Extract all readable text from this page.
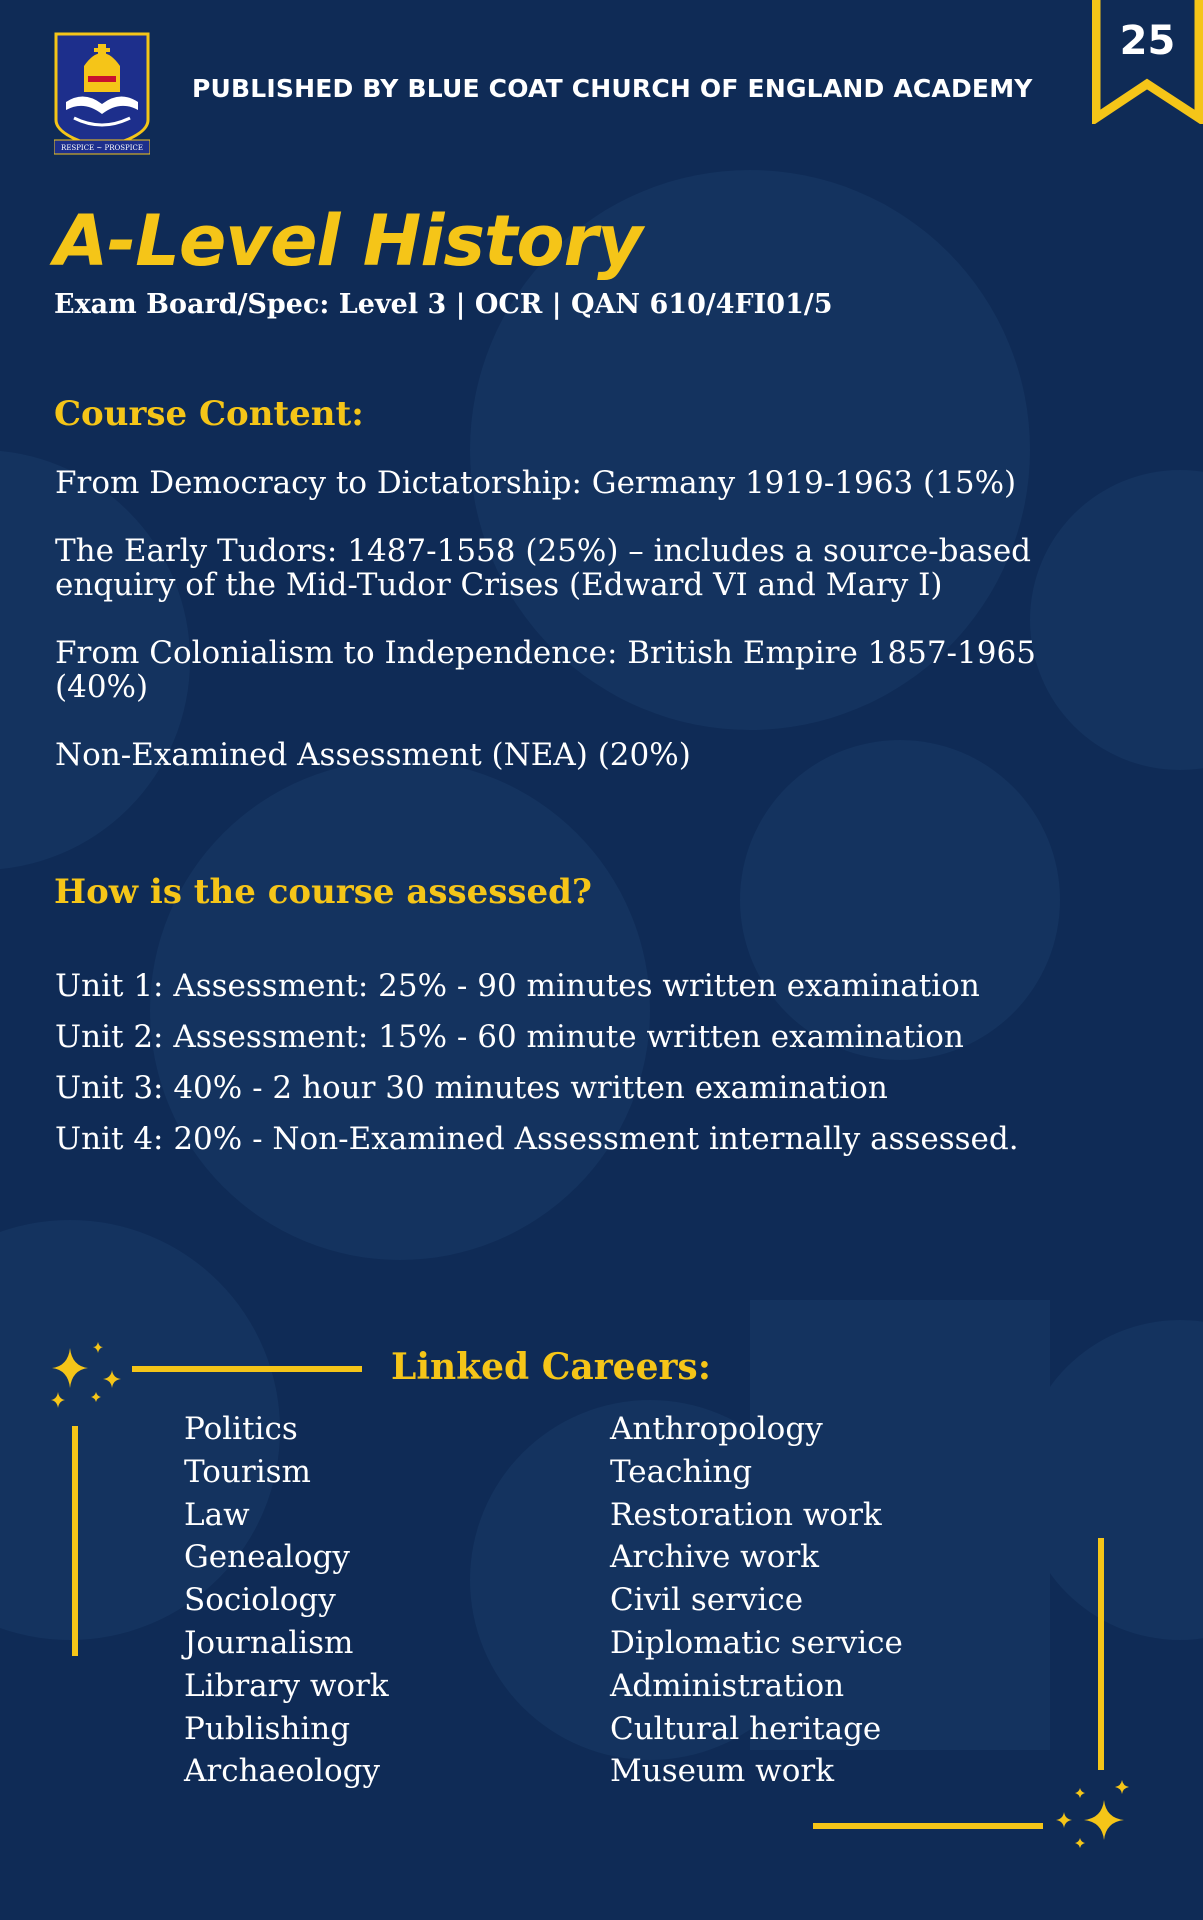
RESPICE ~ PROSPICE
PUBLISHED BY BLUE COAT CHURCH OF ENGLAND ACADEMY
25
A-Level History
Exam Board/Spec: Level 3 | OCR | QAN 610/4FI01/5
Course Content:
From Democracy to Dictatorship: Germany 1919-1963 (15%)
The Early Tudors: 1487-1558 (25%) – includes a source-based enquiry of the Mid-Tudor Crises (Edward VI and Mary I)
From Colonialism to Independence: British Empire 1857-1965 (40%)
Non-Examined Assessment (NEA) (20%)
How is the course assessed?
Unit 1: Assessment: 25% - 90 minutes written examination
Unit 2: Assessment: 15% - 60 minute written examination
Unit 3: 40% - 2 hour 30 minutes written examination
Unit 4: 20% - Non-Examined Assessment internally assessed.
Linked Careers:
Politics
Tourism
Law
Genealogy
Sociology
Journalism
Library work
Publishing
Archaeology
Anthropology
Teaching
Restoration work
Archive work
Civil service
Diplomatic service
Administration
Cultural heritage
Museum work
